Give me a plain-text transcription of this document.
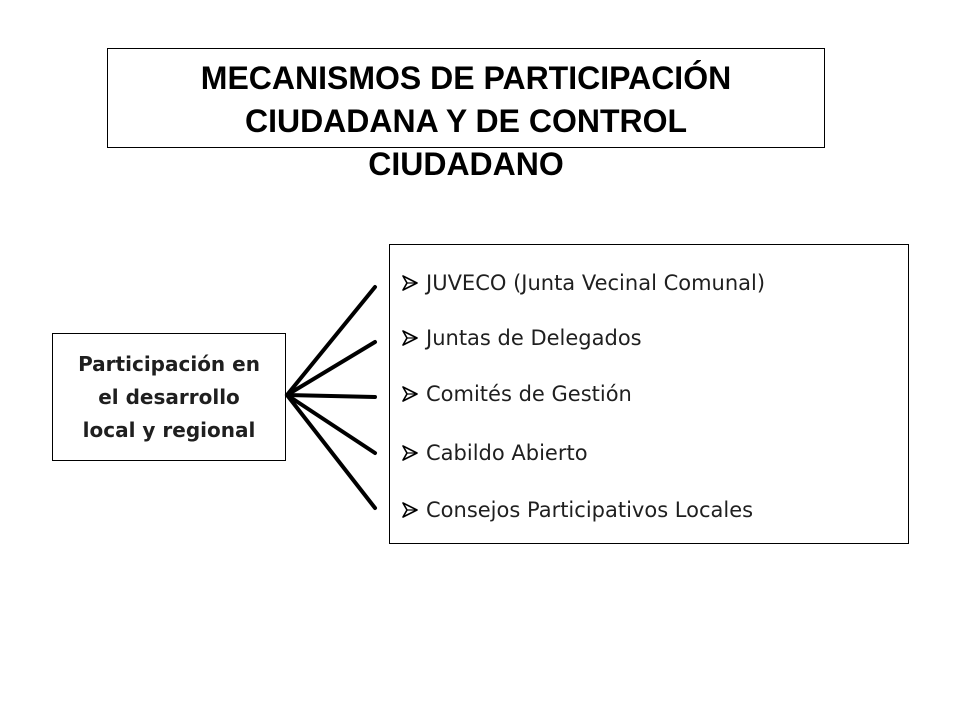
MECANISMOS DE PARTICIPACIÓN
CIUDADANA Y DE CONTROL
CIUDADANO

Participación en
el desarrollo
local y regional

JUVECO (Junta Vecinal Comunal)
Juntas de Delegados
Comités de Gestión
Cabildo Abierto
Consejos Participativos Locales
